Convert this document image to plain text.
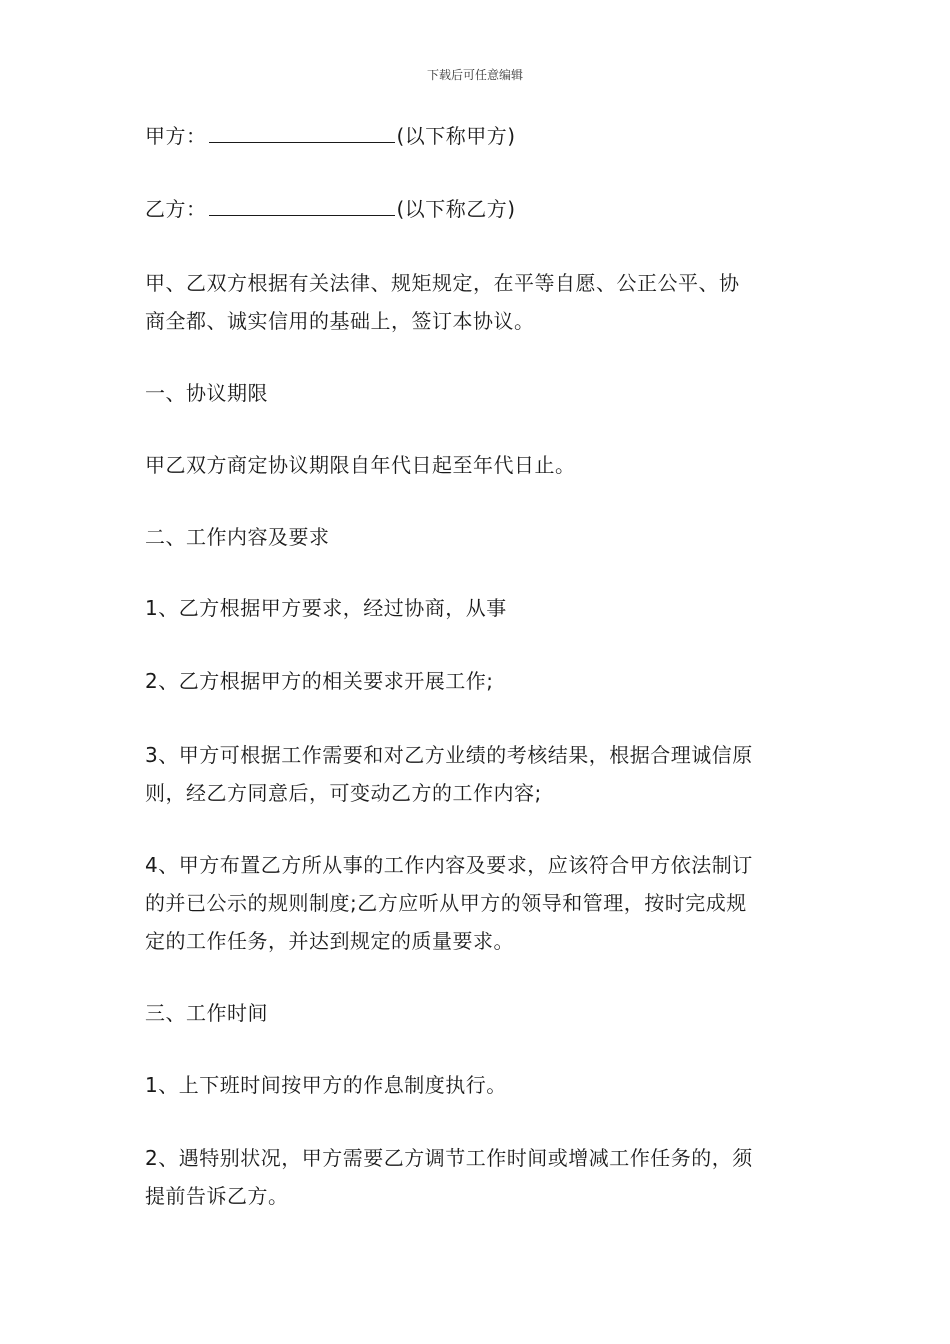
下载后可任意编辑
甲方：	(以下称甲方)
乙方：	(以下称乙方)
甲、乙双方根据有关法律、规矩规定，在平等自愿、公正公平、协
商全都、诚实信用的基础上，签订本协议。
一、协议期限
甲乙双方商定协议期限自年代日起至年代日止。
二、工作内容及要求
1、乙方根据甲方要求，经过协商，从事
2、乙方根据甲方的相关要求开展工作;
3、甲方可根据工作需要和对乙方业绩的考核结果，根据合理诚信原
则，经乙方同意后，可变动乙方的工作内容;
4、甲方布置乙方所从事的工作内容及要求，应该符合甲方依法制订
的并已公示的规则制度;乙方应听从甲方的领导和管理，按时完成规
定的工作任务，并达到规定的质量要求。
三、工作时间
1、上下班时间按甲方的作息制度执行。
2、遇特别状况，甲方需要乙方调节工作时间或增减工作任务的，须
提前告诉乙方。
